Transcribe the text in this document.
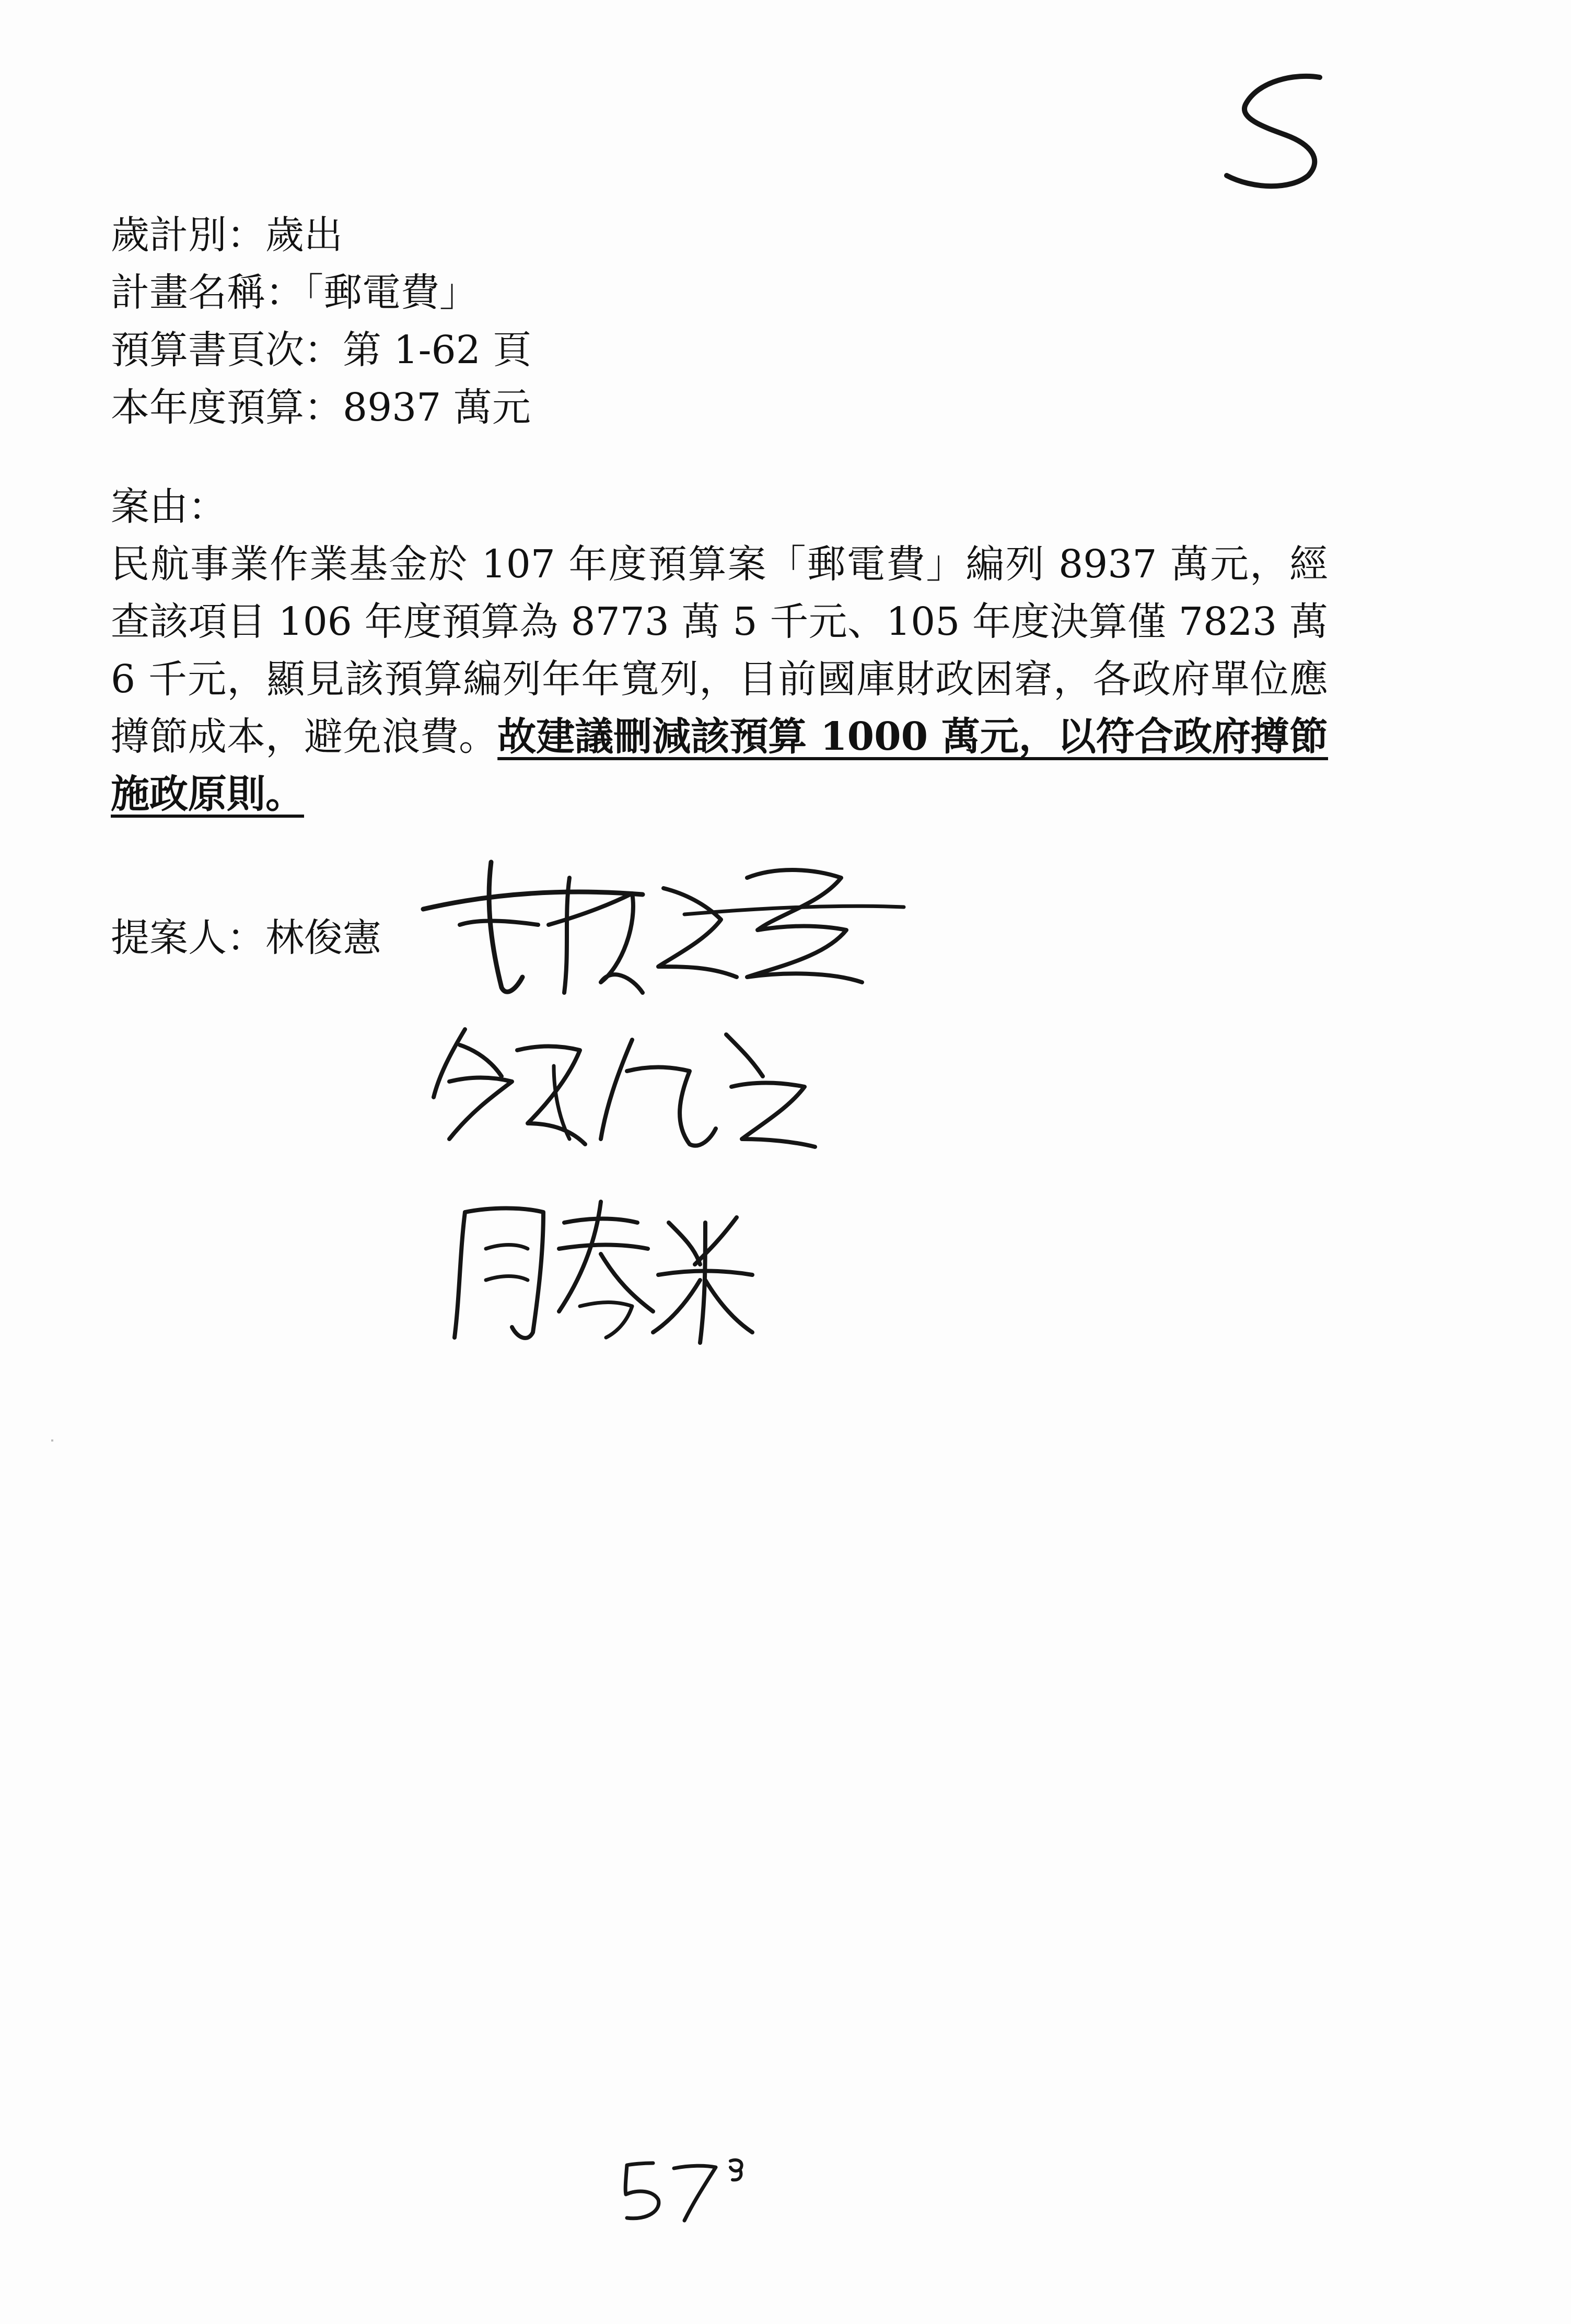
歲計別：歲出
計畫名稱：「郵電費」
預算書頁次：第 1-62 頁
本年度預算：8937 萬元
案由：
民航事業作業基金於 107 年度預算案「郵電費」編列 8937 萬元，經查該項目 106 年度預算為 8773 萬 5 千元、105 年度決算僅 7823 萬 6 千元，顯見該預算編列年年寬列，目前國庫財政困窘，各政府單位應撙節成本，避免浪費。故建議刪減該預算 1000 萬元，以符合政府撙節施政原則。
提案人：林俊憲
